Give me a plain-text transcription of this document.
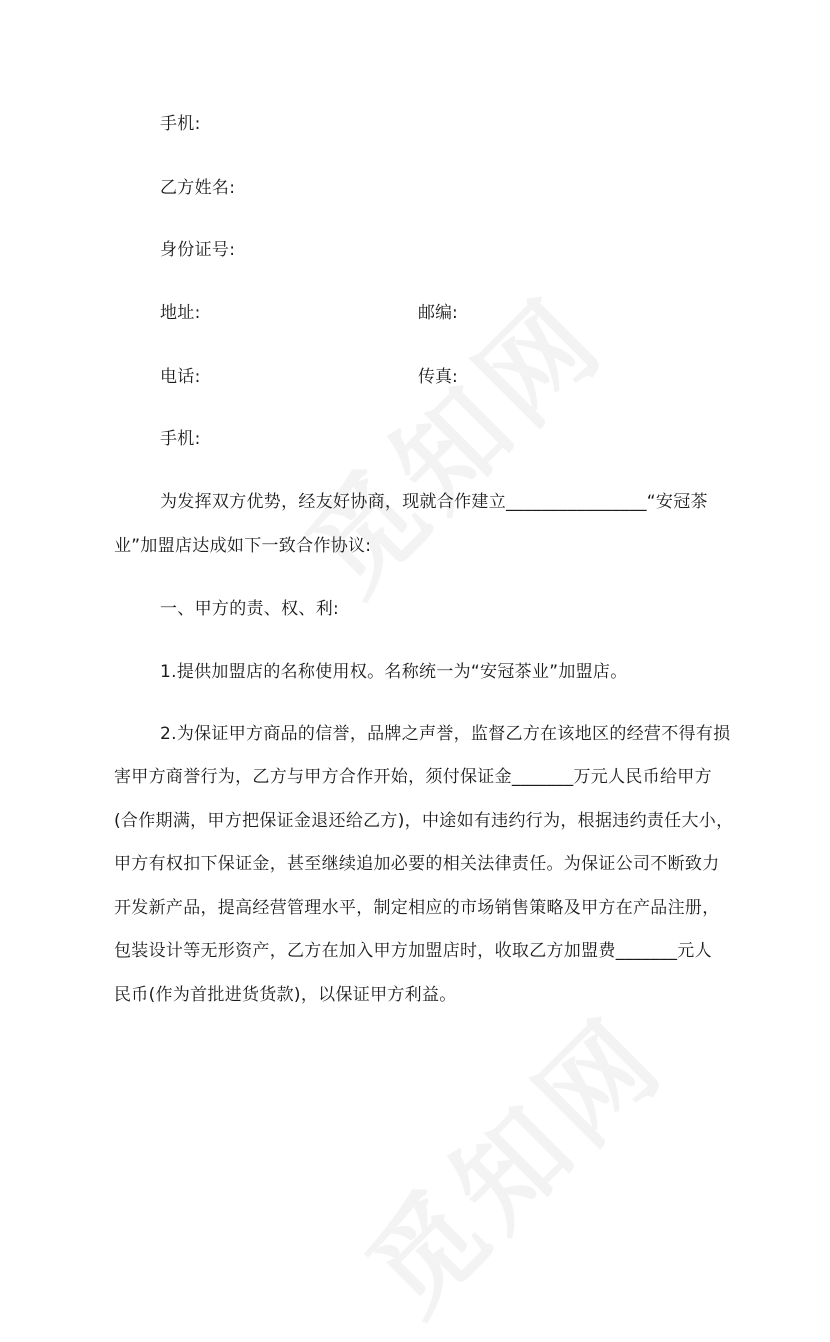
手机:
乙方姓名:
身份证号:
地址:	邮编:
电话:	传真:
手机:
为发挥双方优势，经友好协商，现就合作建立________________“安冠茶
业”加盟店达成如下一致合作协议:
一、甲方的责、权、利:
1.提供加盟店的名称使用权。名称统一为“安冠茶业”加盟店。
2.为保证甲方商品的信誉，品牌之声誉，监督乙方在该地区的经营不得有损
害甲方商誉行为，乙方与甲方合作开始，须付保证金_______万元人民币给甲方
(合作期满，甲方把保证金退还给乙方)，中途如有违约行为，根据违约责任大小，
甲方有权扣下保证金，甚至继续追加必要的相关法律责任。为保证公司不断致力
开发新产品，提高经营管理水平，制定相应的市场销售策略及甲方在产品注册，
包装设计等无形资产，乙方在加入甲方加盟店时，收取乙方加盟费_______元人
民币(作为首批进货货款)，以保证甲方利益。
